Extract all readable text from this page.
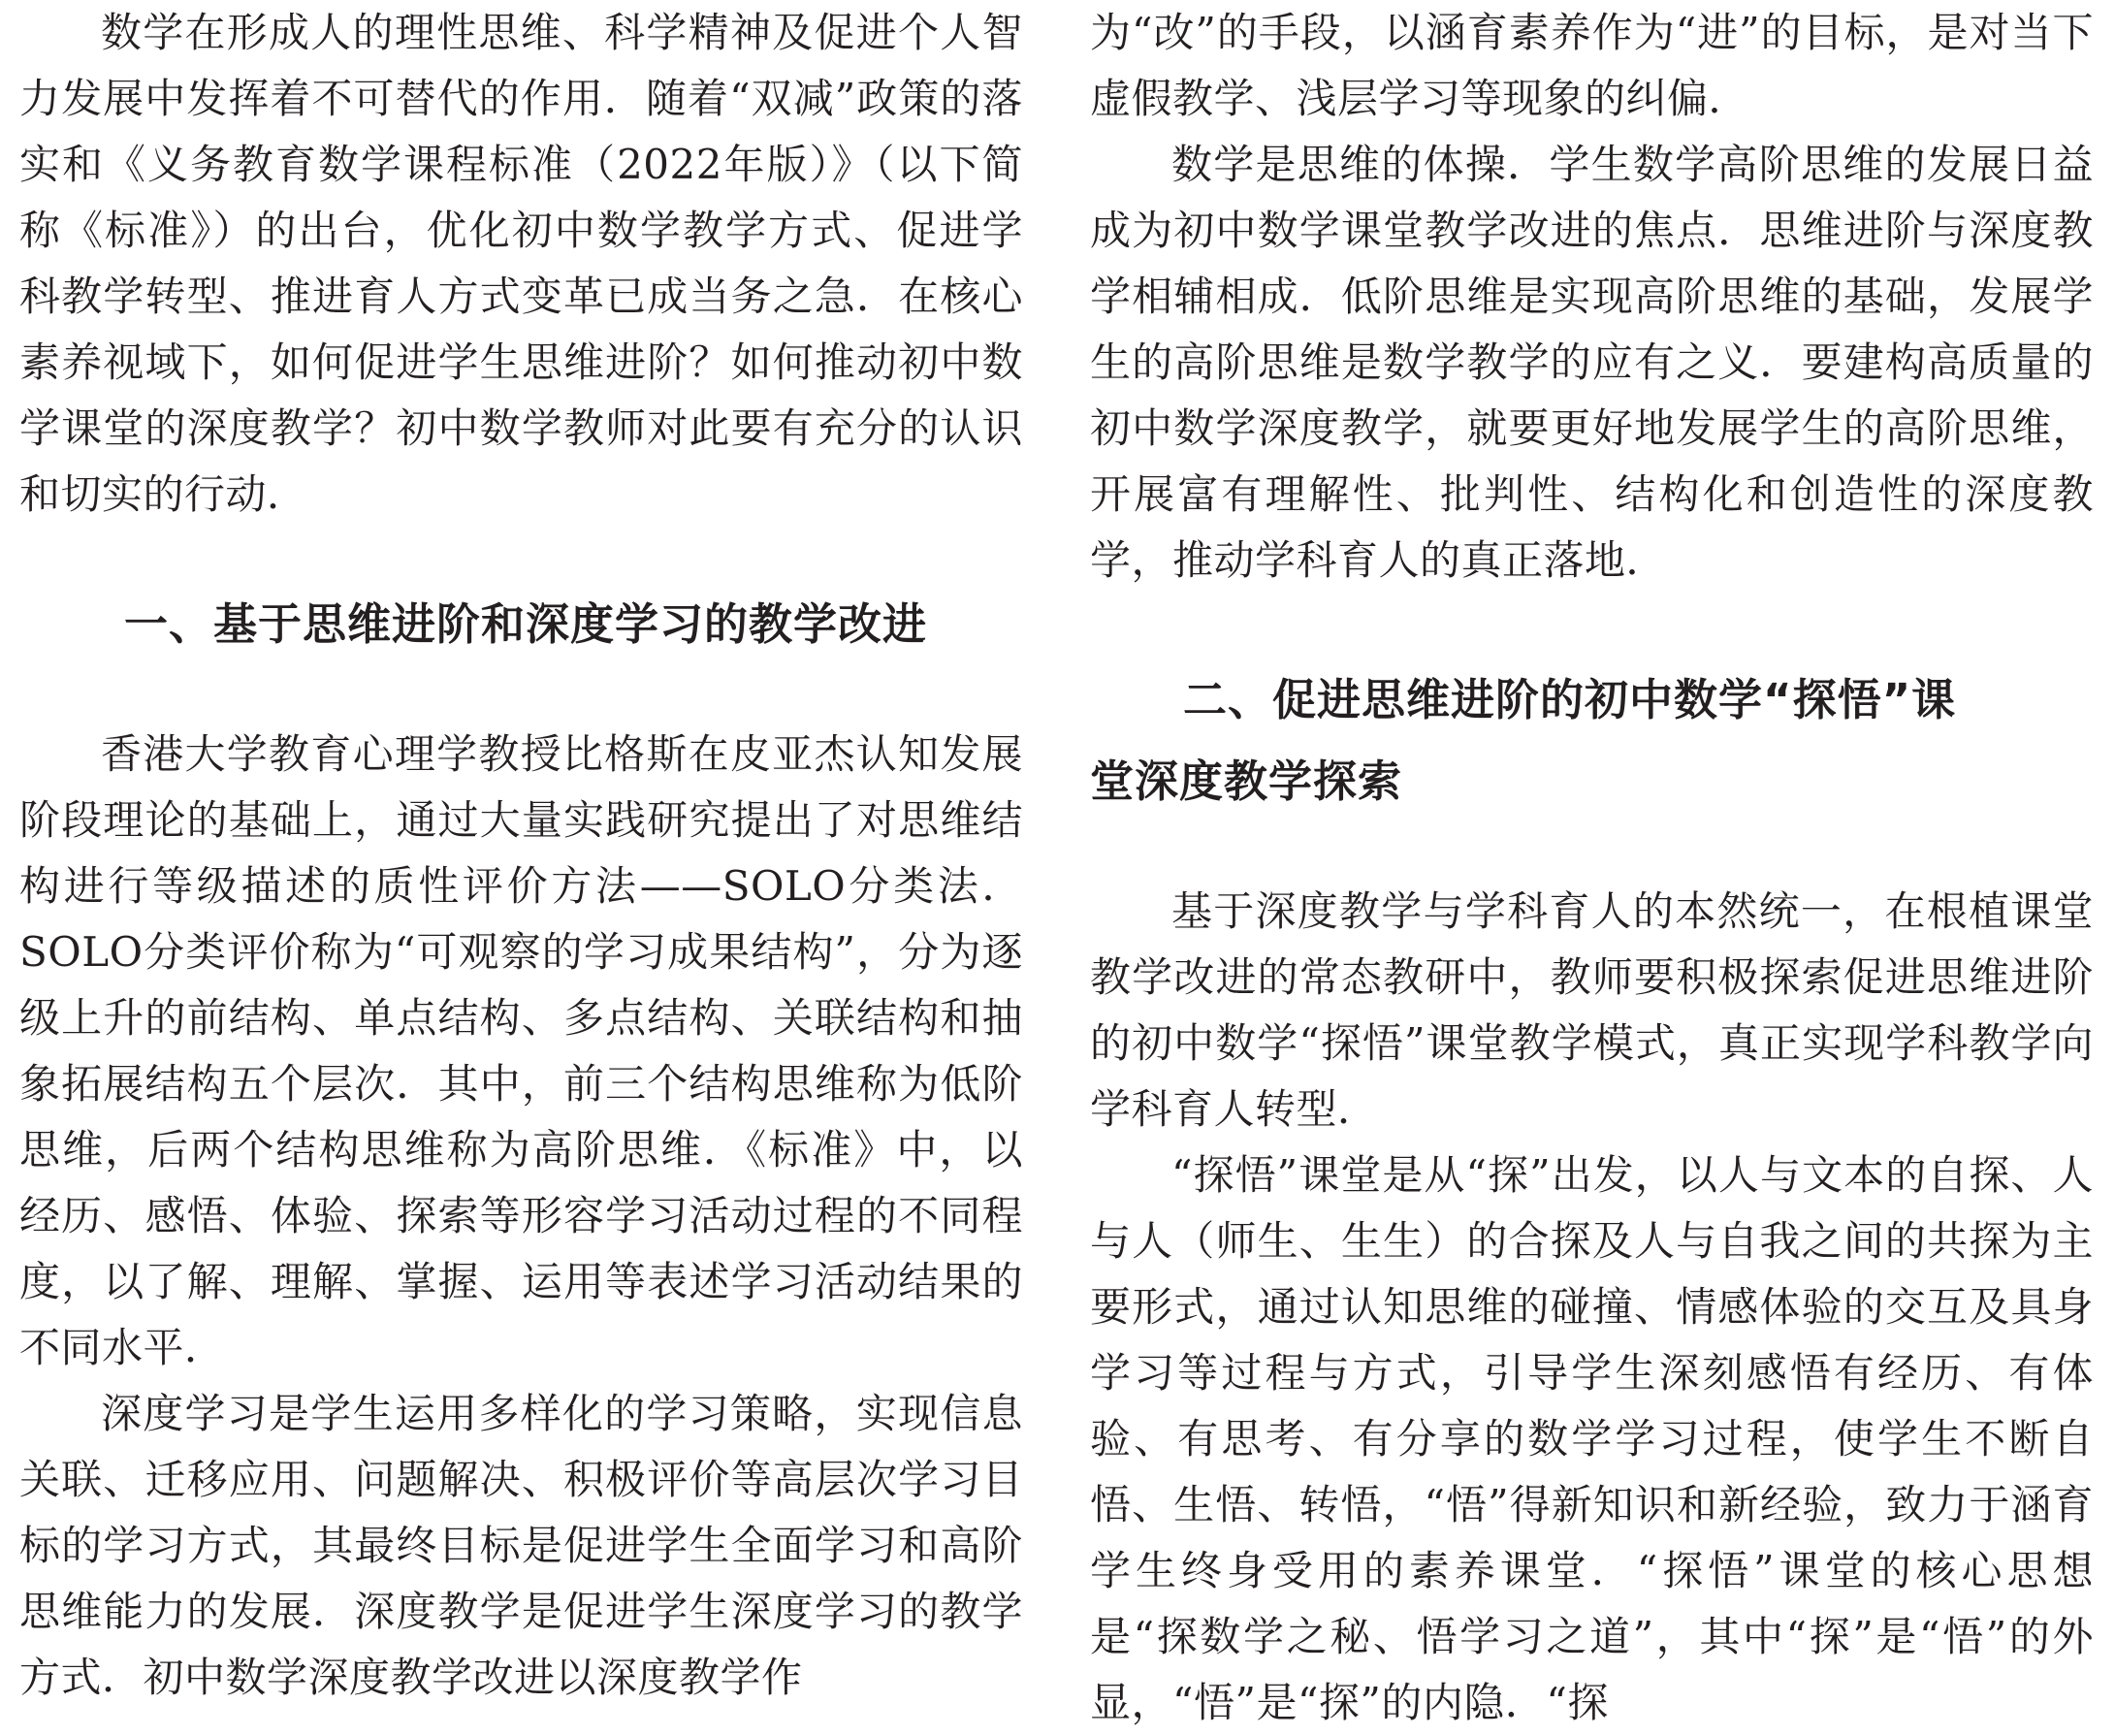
数学在形成人的理性思维、科学精神及促进个人智力发展中发挥着不可替代的作用．随着“双减”政策的落实和《义务教育数学课程标准（2022年版）》（以下简称《标准》）的出台，优化初中数学教学方式、促进学科教学转型、推进育人方式变革已成当务之急．在核心素养视域下，如何促进学生思维进阶？如何推动初中数学课堂的深度教学？初中数学教师对此要有充分的认识和切实的行动．

一、基于思维进阶和深度学习的教学改进

香港大学教育心理学教授比格斯在皮亚杰认知发展阶段理论的基础上，通过大量实践研究提出了对思维结构进行等级描述的质性评价方法——SOLO分类法．SOLO分类评价称为“可观察的学习成果结构”，分为逐级上升的前结构、单点结构、多点结构、关联结构和抽象拓展结构五个层次．其中，前三个结构思维称为低阶思维，后两个结构思维称为高阶思维．《标准》中，以经历、感悟、体验、探索等形容学习活动过程的不同程度，以了解、理解、掌握、运用等表述学习活动结果的不同水平．

深度学习是学生运用多样化的学习策略，实现信息关联、迁移应用、问题解决、积极评价等高层次学习目标的学习方式，其最终目标是促进学生全面学习和高阶思维能力的发展．深度教学是促进学生深度学习的教学方式．初中数学深度教学改进以深度教学作

为“改”的手段，以涵育素养作为“进”的目标，是对当下虚假教学、浅层学习等现象的纠偏．

数学是思维的体操．学生数学高阶思维的发展日益成为初中数学课堂教学改进的焦点．思维进阶与深度教学相辅相成．低阶思维是实现高阶思维的基础，发展学生的高阶思维是数学教学的应有之义．要建构高质量的初中数学深度教学，就要更好地发展学生的高阶思维，开展富有理解性、批判性、结构化和创造性的深度教学，推动学科育人的真正落地．

二、促进思维进阶的初中数学“探悟”课
堂深度教学探索

基于深度教学与学科育人的本然统一，在根植课堂教学改进的常态教研中，教师要积极探索促进思维进阶的初中数学“探悟”课堂教学模式，真正实现学科教学向学科育人转型．

“探悟”课堂是从“探”出发，以人与文本的自探、人与人（师生、生生）的合探及人与自我之间的共探为主要形式，通过认知思维的碰撞、情感体验的交互及具身学习等过程与方式，引导学生深刻感悟有经历、有体验、有思考、有分享的数学学习过程，使学生不断自悟、生悟、转悟，“悟”得新知识和新经验，致力于涵育学生终身受用的素养课堂．“探悟”课堂的核心思想是“探数学之秘、悟学习之道”，其中“探”是“悟”的外显，“悟”是“探”的内隐．“探
